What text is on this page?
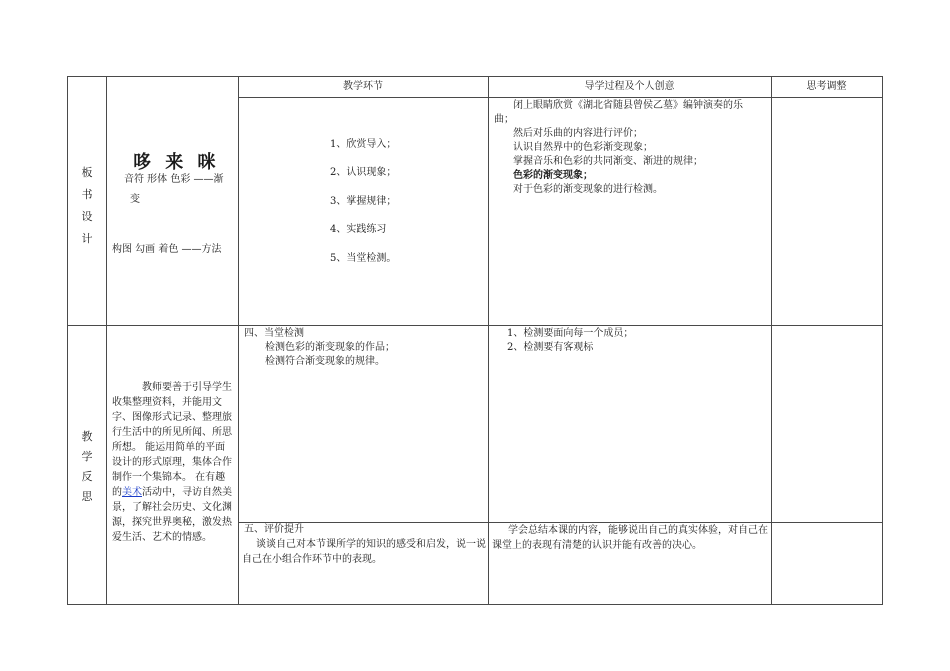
教学环节	导学过程及个人创意	思考调整
板
书
设
计
哆 来 咪
音符 形体 色彩 ——渐
变
构图 勾画 着色 ——方法
1、欣赏导入；
2、认识现象；
3、掌握规律；
4、实践练习
5、当堂检测。
闭上眼睛欣赏《湖北省随县曾侯乙墓》编钟演奏的乐
曲；
然后对乐曲的内容进行评价；
认识自然界中的色彩渐变现象；
掌握音乐和色彩的共同渐变、渐进的规律；
色彩的渐变现象；
对于色彩的渐变现象的进行检测。
教
学
反
思
教师要善于引导学生收集整理资料，并能用文字、图像形式记录、整理旅行生活中的所见所闻、所思所想。 能运用简单的平面设计的形式原理，集体合作制作一个集锦本。 在有趣的美术活动中，寻访自然美景，了解社会历史、文化渊源，探究世界奥秘，激发热爱生活、艺术的情感。
四、当堂检测
检测色彩的渐变现象的作品；
检测符合渐变现象的规律。
1、检测要面向每一个成员；
2、检测要有客观标
五、评价提升
谈谈自己对本节课所学的知识的感受和启发，说一说自己在小组合作环节中的表现。
学会总结本课的内容，能够说出自己的真实体验，对自己在课堂上的表现有清楚的认识并能有改善的决心。
